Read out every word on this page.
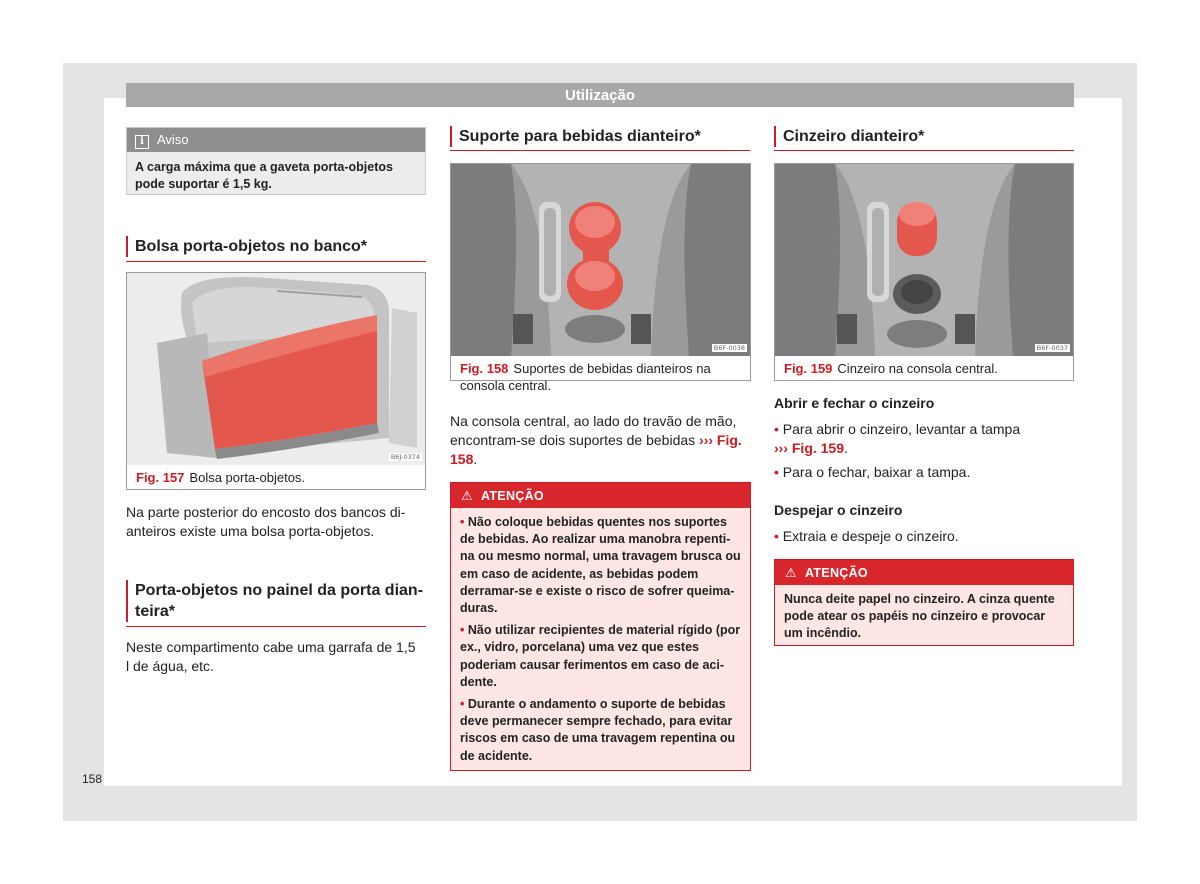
Utilização
i Aviso
A carga máxima que a gaveta porta-objetos pode suportar é 1,5 kg.
Bolsa porta-objetos no banco*
B6J-0374
Fig. 157 Bolsa porta-objetos.
Na parte posterior do encosto dos bancos di-anteiros existe uma bolsa porta-objetos.
Porta-objetos no painel da porta dian-
teira*
Neste compartimento cabe uma garrafa de 1,5 l de água, etc.
Suporte para bebidas dianteiro*
B6F-0038
Fig. 158 Suportes de bebidas dianteiros na consola central.
Na consola central, ao lado do travão de mão, encontram-se dois suportes de bebidas ››› Fig. 158.
⚠ ATENÇÃO
• Não coloque bebidas quentes nos suportes de bebidas. Ao realizar uma manobra repenti-na ou mesmo normal, uma travagem brusca ou em caso de acidente, as bebidas podem derramar-se e existe o risco de sofrer queima-duras.
• Não utilizar recipientes de material rígido (por ex., vidro, porcelana) uma vez que estes poderiam causar ferimentos em caso de aci-dente.
• Durante o andamento o suporte de bebidas deve permanecer sempre fechado, para evitar riscos em caso de uma travagem repentina ou de acidente.
Cinzeiro dianteiro*
B6F-0037
Fig. 159 Cinzeiro na consola central.
Abrir e fechar o cinzeiro
• Para abrir o cinzeiro, levantar a tampa
››› Fig. 159.
• Para o fechar, baixar a tampa.
Despejar o cinzeiro
• Extraia e despeje o cinzeiro.
⚠ ATENÇÃO
Nunca deite papel no cinzeiro. A cinza quente pode atear os papéis no cinzeiro e provocar um incêndio.
158
